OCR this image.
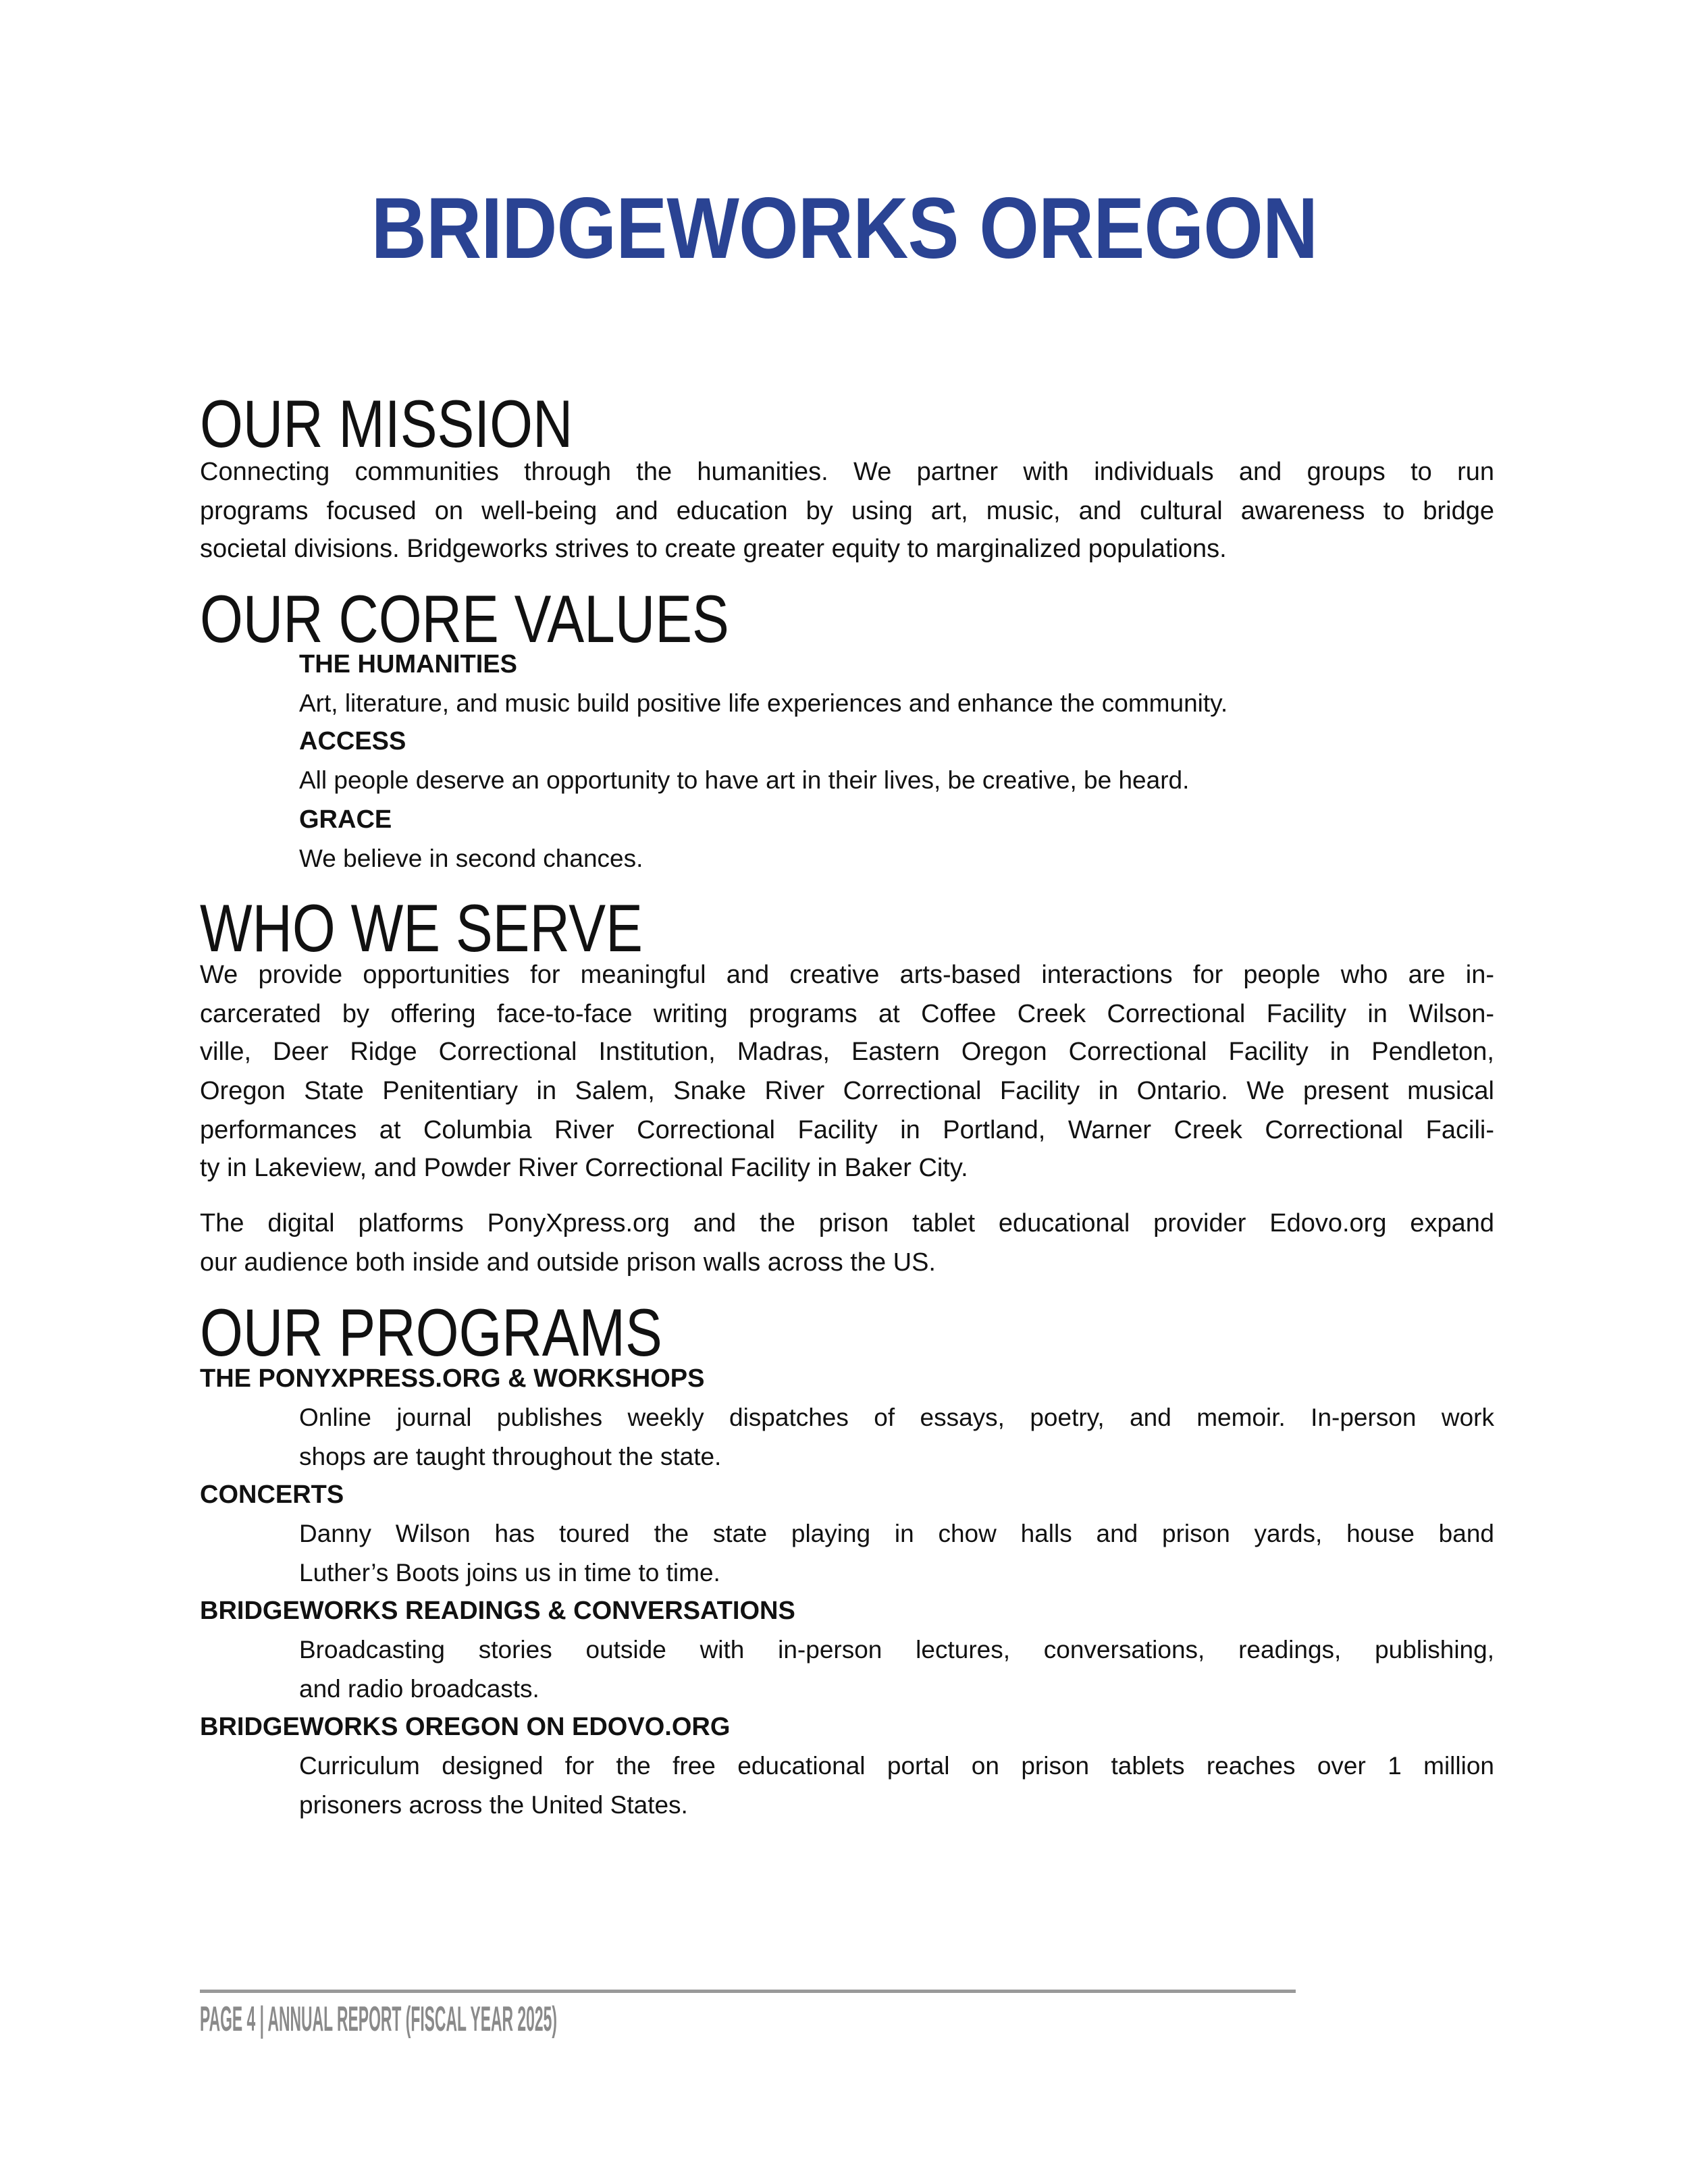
BRIDGEWORKS OREGON
OUR MISSION
Connecting communities through the humanities. We partner with individuals and groups to run
programs focused on well-being and education by using art, music, and cultural awareness to bridge
societal divisions. Bridgeworks strives to create greater equity to marginalized populations.
OUR CORE VALUES
THE HUMANITIES
Art, literature, and music build positive life experiences and enhance the community.
ACCESS
All people deserve an opportunity to have art in their lives, be creative, be heard.
GRACE
We believe in second chances.
WHO WE SERVE
We provide opportunities for meaningful and creative arts-based interactions for people who are in-
carcerated by offering face-to-face writing programs at Coffee Creek Correctional Facility in Wilson-
ville, Deer Ridge Correctional Institution, Madras, Eastern Oregon Correctional Facility in Pendleton,
Oregon State Penitentiary in Salem, Snake River Correctional Facility in Ontario. We present musical
performances at Columbia River Correctional Facility in Portland, Warner Creek Correctional Facili-
ty in Lakeview, and Powder River Correctional Facility in Baker City.
The digital platforms PonyXpress.org and the prison tablet educational provider Edovo.org expand
our audience both inside and outside prison walls across the US.
OUR PROGRAMS
THE PONYXPRESS.ORG & WORKSHOPS
Online journal publishes weekly dispatches of essays, poetry, and memoir. In-person work
shops are taught throughout the state.
CONCERTS
Danny Wilson has toured the state playing in chow halls and prison yards, house band
Luther’s Boots joins us in time to time.
BRIDGEWORKS READINGS & CONVERSATIONS
Broadcasting stories outside with in-person lectures, conversations, readings, publishing,
and radio broadcasts.
BRIDGEWORKS OREGON ON EDOVO.ORG
Curriculum designed for the free educational portal on prison tablets reaches over 1 million
prisoners across the United States.
PAGE 4 | ANNUAL REPORT (FISCAL YEAR 2025)
